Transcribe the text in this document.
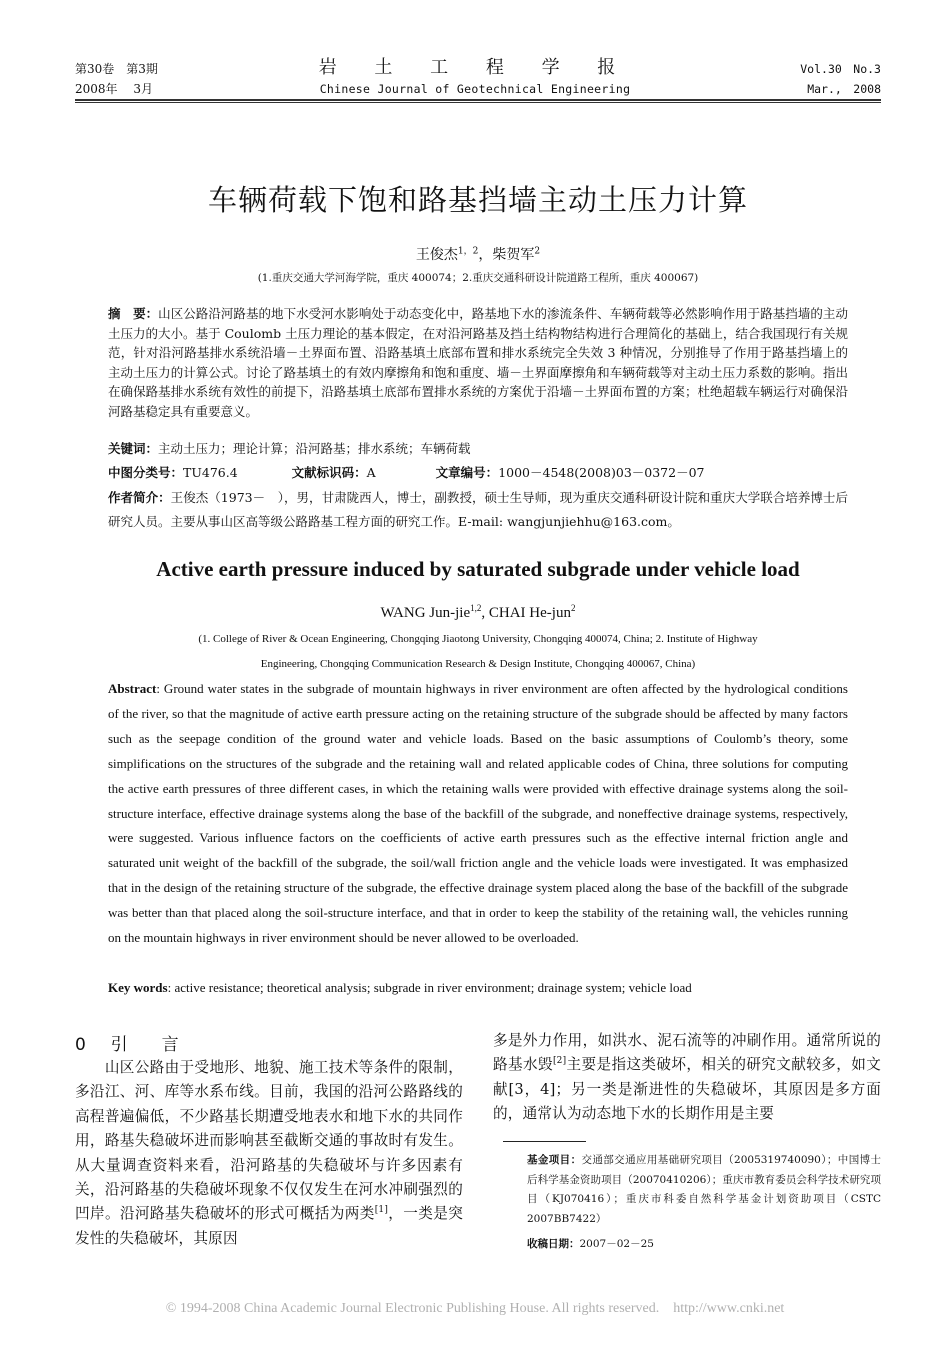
第30卷　第3期
2008年　 3月
岩 土 工 程 学 报
Chinese Journal of Geotechnical Engineering
Vol.30　No.3
Mar.,　2008
车辆荷载下饱和路基挡墙主动土压力计算
王俊杰$^{1,2}$，柴贺军$^2$
(1.重庆交通大学河海学院，重庆 400074；2.重庆交通科研设计院道路工程所，重庆 400067)
摘　要：山区公路沿河路基的地下水受河水影响处于动态变化中，路基地下水的渗流条件、车辆荷载等必然影响作用于路基挡墙的主动土压力的大小。基于 Coulomb 土压力理论的基本假定，在对沿河路基及挡土结构物结构进行合理简化的基础上，结合我国现行有关规范，针对沿河路基排水系统沿墙－土界面布置、沿路基填土底部布置和排水系统完全失效 3 种情况，分别推导了作用于路基挡墙上的主动土压力的计算公式。讨论了路基填土的有效内摩擦角和饱和重度、墙－土界面摩擦角和车辆荷载等对主动土压力系数的影响。指出在确保路基排水系统有效性的前提下，沿路基填土底部布置排水系统的方案优于沿墙－土界面布置的方案；杜绝超载车辆运行对确保沿河路基稳定具有重要意义。
关键词：主动土压力；理论计算；沿河路基；排水系统；车辆荷载
中图分类号：TU476.4	文献标识码：A	文章编号：1000－4548(2008)03－0372－07
作者简介：王俊杰（1973－　），男，甘肃陇西人，博士，副教授，硕士生导师，现为重庆交通科研设计院和重庆大学联合培养博士后研究人员。主要从事山区高等级公路路基工程方面的研究工作。E-mail: wangjunjiehhu@163.com。
Active earth pressure induced by saturated subgrade under vehicle load
WANG Jun-jie$^{1,2}$, CHAI He-jun$^2$
(1. College of River & Ocean Engineering, Chongqing Jiaotong University, Chongqing 400074, China; 2. Institute of Highway
Engineering, Chongqing Communication Research & Design Institute, Chongqing 400067, China)
Abstract: Ground water states in the subgrade of mountain highways in river environment are often affected by the hydrological conditions of the river, so that the magnitude of active earth pressure acting on the retaining structure of the subgrade should be affected by many factors such as the seepage condition of the ground water and vehicle loads. Based on the basic assumptions of Coulomb’s theory, some simplifications on the structures of the subgrade and the retaining wall and related applicable codes of China, three solutions for computing the active earth pressures of three different cases, in which the retaining walls were provided with effective drainage systems along the soil-structure interface, effective drainage systems along the base of the backfill of the subgrade, and noneffective drainage systems, respectively, were suggested. Various influence factors on the coefficients of active earth pressures such as the effective internal friction angle and saturated unit weight of the backfill of the subgrade, the soil/wall friction angle and the vehicle loads were investigated. It was emphasized that in the design of the retaining structure of the subgrade, the effective drainage system placed along the base of the backfill of the subgrade was better than that placed along the soil-structure interface, and that in order to keep the stability of the retaining wall, the vehicles running on the mountain highways in river environment should be never allowed to be overloaded.
Key words: active resistance; theoretical analysis; subgrade in river environment; drainage system; vehicle load
0 引　　言
　　山区公路由于受地形、地貌、施工技术等条件的限制，多沿江、河、库等水系布线。目前，我国的沿河公路路线的高程普遍偏低，不少路基长期遭受地表水和地下水的共同作用，路基失稳破坏进而影响甚至截断交通的事故时有发生。从大量调查资料来看，沿河路基的失稳破坏与许多因素有关，沿河路基的失稳破坏现象不仅仅发生在河水冲刷强烈的凹岸。沿河路基失稳破坏的形式可概括为两类[1]，一类是突发性的失稳破坏，其原因
多是外力作用，如洪水、泥石流等的冲刷作用。通常所说的路基水毁[2]主要是指这类破坏，相关的研究文献较多，如文献[3，4]；另一类是渐进性的失稳破坏，其原因是多方面的，通常认为动态地下水的长期作用是主要
基金项目：交通部交通应用基础研究项目（2005319740090）；中国博士后科学基金资助项目（20070410206）；重庆市教育委员会科学技术研究项目（KJ070416）；重庆市科委自然科学基金计划资助项目（CSTC 2007BB7422）
收稿日期：2007－02－25
© 1994-2008 China Academic Journal Electronic Publishing House. All rights reserved.　http://www.cnki.net
